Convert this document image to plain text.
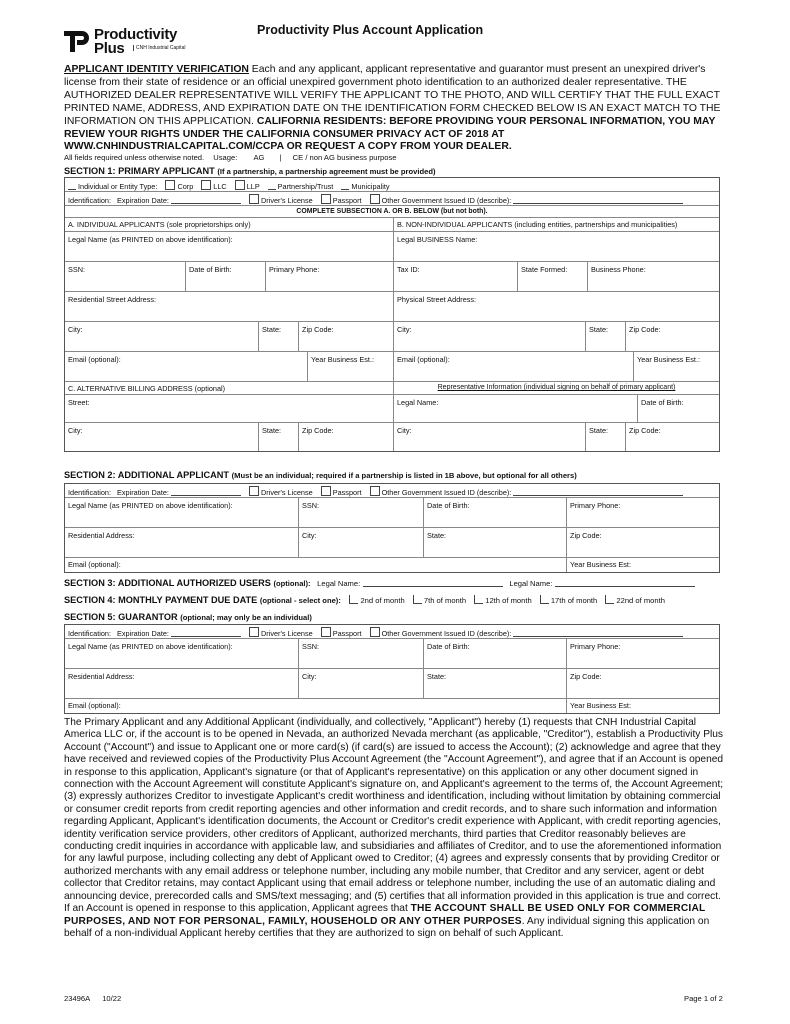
Productivity
Plus	CNH Industrial Capital
Productivity Plus Account Application
APPLICANT IDENTITY VERIFICATION Each and any applicant, applicant representative and guarantor must present an unexpired driver's license from their state of residence or an official unexpired government photo identification to an authorized dealer representative. THE AUTHORIZED DEALER REPRESENTATIVE WILL VERIFY THE APPLICANT TO THE PHOTO, AND WILL CERTIFY THAT THE FULL EXACT PRINTED NAME, ADDRESS, AND EXPIRATION DATE ON THE IDENTIFICATION FORM CHECKED BELOW IS AN EXACT MATCH TO THE INFORMATION ON THIS APPLICATION. CALIFORNIA RESIDENTS: BEFORE PROVIDING YOUR PERSONAL INFORMATION, YOU MAY REVIEW YOUR RIGHTS UNDER THE CALIFORNIA CONSUMER PRIVACY ACT OF 2018 AT WWW.CNHINDUSTRIALCAPITAL.COM/CCPA OR REQUEST A COPY FROM YOUR DEALER.
All fields required unless otherwise noted. Usage: AG | CE / non AG business purpose
SECTION 1: PRIMARY APPLICANT (If a partnership, a partnership agreement must be provided)
Individual or Entity Type:	Corp	LLC	LLP Partnership/Trust Municipality
Identification: Expiration Date:	Driver's License	Passport	Other Government Issued ID (describe):
COMPLETE SUBSECTION A. OR B. BELOW (but not both).
A. INDIVIDUAL APPLICANTS (sole proprietorships only)	B. NON-INDIVIDUAL APPLICANTS (including entities, partnerships and municipalities)
Legal Name (as PRINTED on above identification):	Legal BUSINESS Name:
SSN:	Date of Birth:	Primary Phone:	Tax ID:	State Formed:	Business Phone:
Residential Street Address:	Physical Street Address:
City:	State:	Zip Code:	City:	State:	Zip Code:
Email (optional):	Year Business Est.:	Email (optional):	Year Business Est.:
C. ALTERNATIVE BILLING ADDRESS (optional)	Representative Information (individual signing on behalf of primary applicant)
Street:	Legal Name:	Date of Birth:
City:	State:	Zip Code:	City:	State:	Zip Code:
SECTION 2: ADDITIONAL APPLICANT (Must be an individual; required if a partnership is listed in 1B above, but optional for all others)
Identification: Expiration Date:	Driver's License	Passport	Other Government Issued ID (describe):
Legal Name (as PRINTED on above identification):	SSN:	Date of Birth:	Primary Phone:
Residential Address:	City:	State:	Zip Code:
Email (optional):	Year Business Est:
SECTION 3: ADDITIONAL AUTHORIZED USERS (optional): Legal Name:	Legal Name:
SECTION 4: MONTHLY PAYMENT DUE DATE (optional - select one):	2nd of month	7th of month	12th of month	17th of month	22nd of month
SECTION 5: GUARANTOR (optional; may only be an individual)
Identification: Expiration Date:	Driver's License	Passport	Other Government Issued ID (describe):
Legal Name (as PRINTED on above identification):	SSN:	Date of Birth:	Primary Phone:
Residential Address:	City:	State:	Zip Code:
Email (optional):	Year Business Est:
The Primary Applicant and any Additional Applicant (individually, and collectively, "Applicant") hereby (1) requests that CNH Industrial Capital America LLC or, if the account is to be opened in Nevada, an authorized Nevada merchant (as applicable, "Creditor"), establish a Productivity Plus Account ("Account") and issue to Applicant one or more card(s) (if card(s) are issued to access the Account); (2) acknowledge and agree that they have received and reviewed copies of the Productivity Plus Account Agreement (the "Account Agreement"), and agree that if an Account is opened in response to this application, Applicant's signature (or that of Applicant's representative) on this application or any other document signed in connection with the Account Agreement will constitute Applicant's signature on, and Applicant's agreement to the terms of, the Account Agreement; (3) expressly authorizes Creditor to investigate Applicant's credit worthiness and identification, including without limitation by obtaining commercial or consumer credit reports from credit reporting agencies and other information and credit records, and to share such information and information regarding Applicant, Applicant's identification documents, the Account or Creditor's credit experience with Applicant, with credit reporting agencies, identity verification service providers, other creditors of Applicant, authorized merchants, third parties that Creditor reasonably believes are conducting credit inquiries in accordance with applicable law, and subsidiaries and affiliates of Creditor, and to use the aforementioned information for any lawful purpose, including collecting any debt of Applicant owed to Creditor; (4) agrees and expressly consents that by providing Creditor or authorized merchants with any email address or telephone number, including any mobile number, that Creditor and any servicer, agent or debt collector that Creditor retains, may contact Applicant using that email address or telephone number, including the use of an automatic dialing and announcing device, prerecorded calls and SMS/text messaging; and (5) certifies that all information provided in this application is true and correct. If an Account is opened in response to this application, Applicant agrees that THE ACCOUNT SHALL BE USED ONLY FOR COMMERCIAL PURPOSES, AND NOT FOR PERSONAL, FAMILY, HOUSEHOLD OR ANY OTHER PURPOSES. Any individual signing this application on behalf of a non-individual Applicant hereby certifies that they are authorized to sign on behalf of such Applicant.
23496A 10/22	Page 1 of 2
